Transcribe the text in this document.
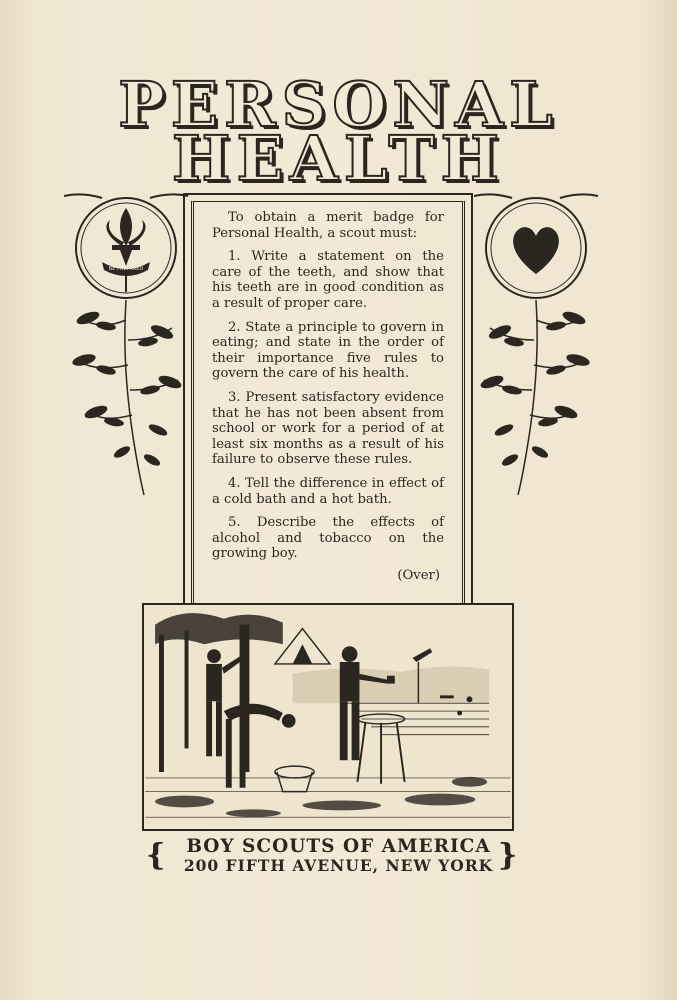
PERSONAL
HEALTH
BE PREPARED

To obtain a merit badge for Personal Health, a scout must:

1. Write a statement on the care of the teeth, and show that his teeth are in good condition as a result of proper care.

2. State a principle to govern in eating; and state in the order of their importance five rules to govern the care of his health.

3. Present satisfactory evidence that he has not been absent from school or work for a period of at least six months as a result of his failure to observe these rules.

4. Tell the difference in effect of a cold bath and a hot bath.

5. Describe the effects of alcohol and tobacco on the growing boy.

(Over)

{	}
BOY SCOUTS OF AMERICA
200 FIFTH AVENUE, NEW YORK
